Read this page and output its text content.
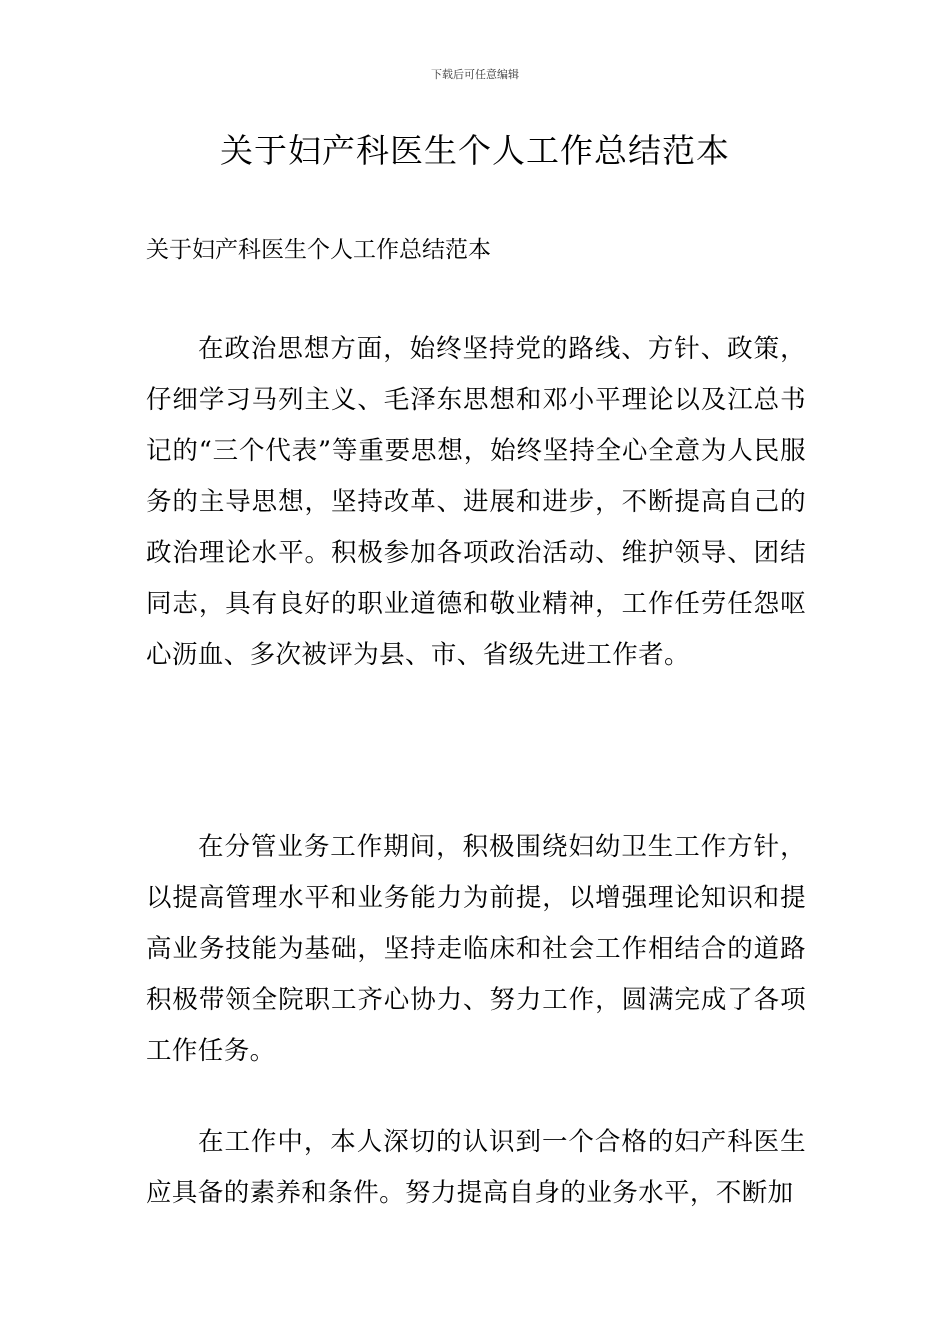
下载后可任意编辑
关于妇产科医生个人工作总结范本

关于妇产科医生个人工作总结范本

在政治思想方面，始终坚持党的路线、方针、政策，仔细学习马列主义、毛泽东思想和邓小平理论以及江总书记的“三个代表”等重要思想，始终坚持全心全意为人民服务的主导思想，坚持改革、进展和进步，不断提高自己的政治理论水平。积极参加各项政治活动、维护领导、团结同志，具有良好的职业道德和敬业精神，工作任劳任怨呕心沥血、多次被评为县、市、省级先进工作者。

在分管业务工作期间，积极围绕妇幼卫生工作方针，以提高管理水平和业务能力为前提，以增强理论知识和提高业务技能为基础，坚持走临床和社会工作相结合的道路积极带领全院职工齐心协力、努力工作，圆满完成了各项工作任务。

在工作中，本人深切的认识到一个合格的妇产科医生应具备的素养和条件。努力提高自身的业务水平，不断加
